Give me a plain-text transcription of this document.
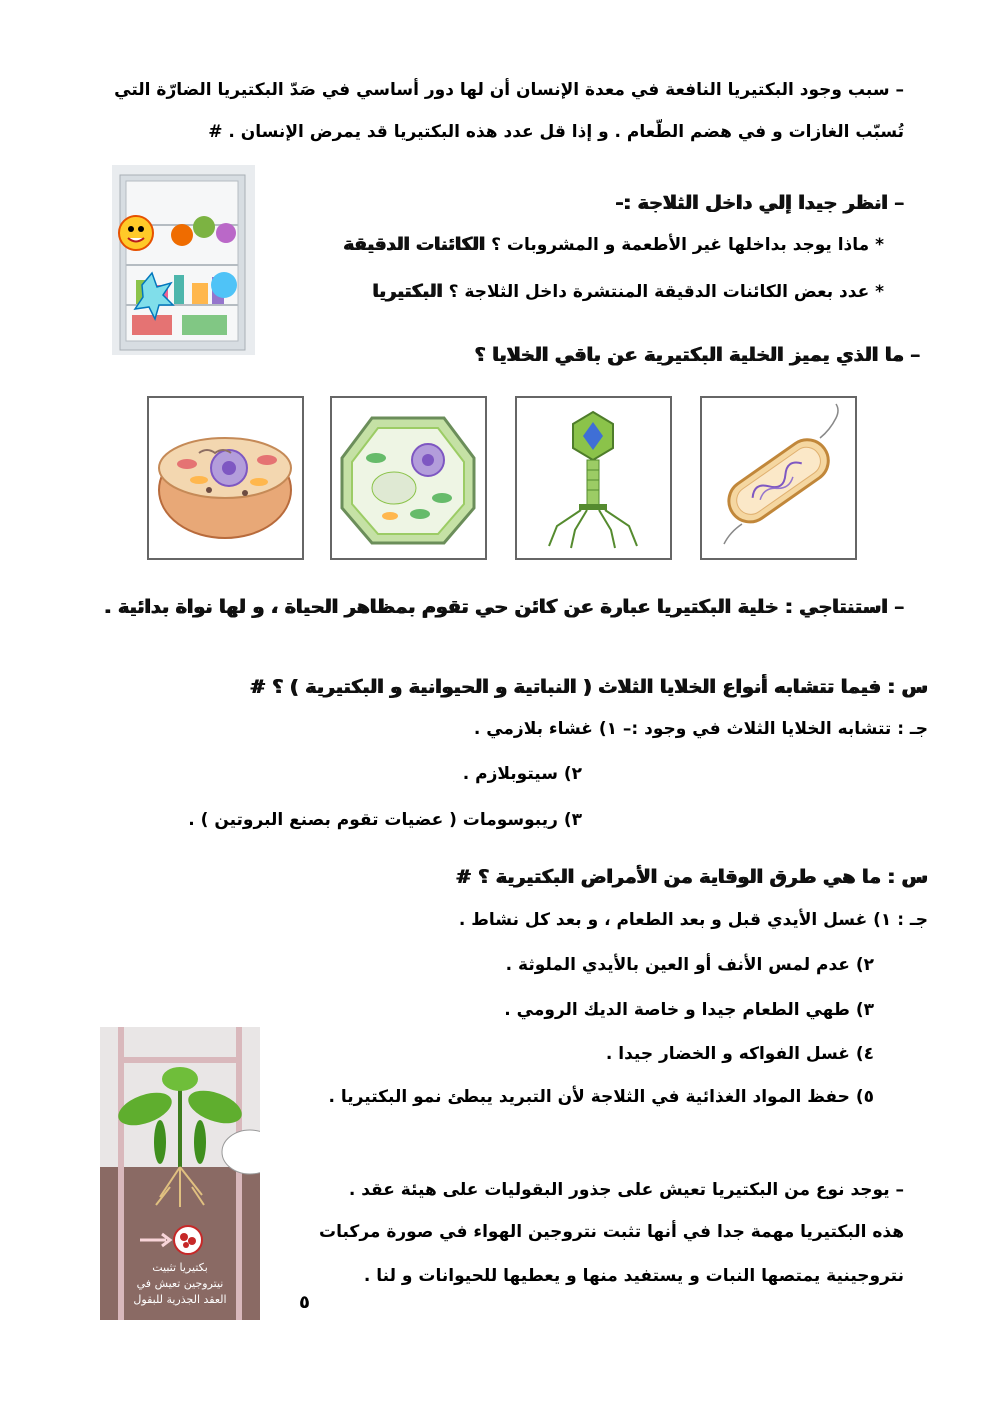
– سبب وجود البكتيريا النافعة في معدة الإنسان أن لها دور أساسي في صَدّ البكتيريا الضارّة التي
تُسبّب الغازات و في هضم الطّعام . و إذا قل عدد هذه البكتيريا قد يمرض الإنسان . #
– انظر جيدا إلي داخل الثلاجة :-
* ماذا يوجد بداخلها غير الأطعمة و المشروبات ؟ الكائنات الدقيقة
* عدد بعض الكائنات الدقيقة المنتشرة داخل الثلاجة ؟ البكتيريا
– ما الذي يميز الخلية البكتيرية عن باقي الخلايا ؟
– استنتاجي : خلية البكتيريا عبارة عن كائن حي تقوم بمظاهر الحياة ، و لها نواة بدائية .
س : فيما تتشابه أنواع الخلايا الثلاث ( النباتية و الحيوانية و البكتيرية ) ؟ #
جـ : تتشابه الخلايا الثلاث في وجود :– ١) غشاء بلازمي .
٢) سيتوبلازم .
٣) ريبوسومات ( عضيات تقوم بصنع البروتين ) .
س : ما هي طرق الوقاية من الأمراض البكتيرية ؟ #
جـ : ١) غسل الأيدي قبل و بعد الطعام ، و بعد كل نشاط .
٢) عدم لمس الأنف أو العين بالأيدي الملوثة .
٣) طهي الطعام جيدا و خاصة الديك الرومي .
٤) غسل الفواكه و الخضار جيدا .
٥) حفظ المواد الغذائية في الثلاجة لأن التبريد يبطئ نمو البكتيريا .
بكتيريا تثبيت
نيتروجين تعيش في
العقد الجذرية للبقول
– يوجد نوع من البكتيريا تعيش على جذور البقوليات على هيئة عقد .
هذه البكتيريا مهمة جدا في أنها تثبت نتروجين الهواء في صورة مركبات
نتروجينية يمتصها النبات و يستفيد منها و يعطيها للحيوانات و لنا .
٥
